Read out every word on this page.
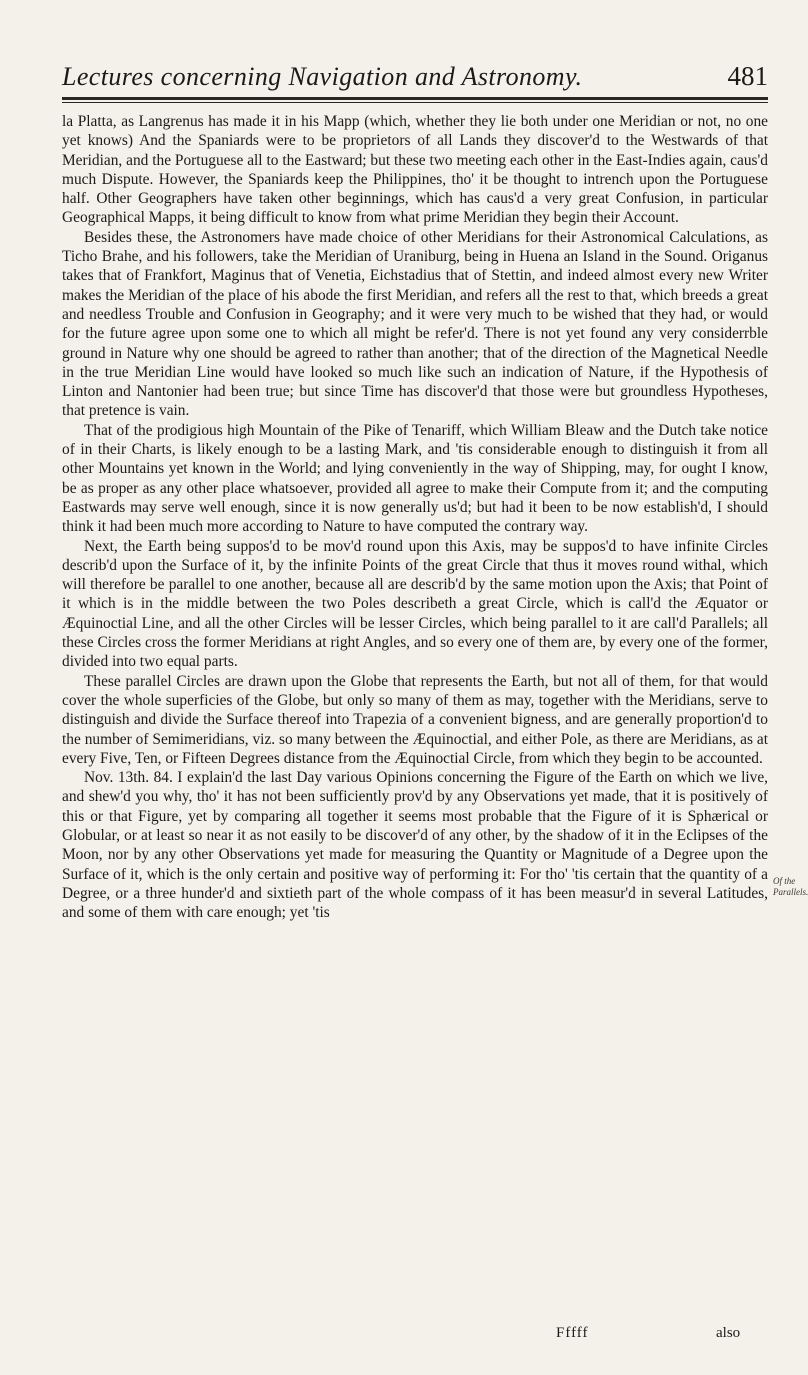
Lectures concerning Navigation and Astronomy.	481

la Platta, as Langrenus has made it in his Mapp (which, whether they lie both under one Meridian or not, no one yet knows) And the Spaniards were to be proprietors of all Lands they discover'd to the Westwards of that Meridian, and the Portuguese all to the Eastward; but these two meeting each other in the East-Indies again, caus'd much Dispute. However, the Spaniards keep the Philippines, tho' it be thought to intrench upon the Portuguese half. Other Geographers have taken other beginnings, which has caus'd a very great Confusion, in particular Geographical Mapps, it being difficult to know from what prime Meridian they begin their Account.

Besides these, the Astronomers have made choice of other Meridians for their Astronomical Calculations, as Ticho Brahe, and his followers, take the Meridian of Uraniburg, being in Huena an Island in the Sound. Origanus takes that of Frankfort, Maginus that of Venetia, Eichstadius that of Stettin, and indeed almost every new Writer makes the Meridian of the place of his abode the first Meridian, and refers all the rest to that, which breeds a great and needless Trouble and Confusion in Geography; and it were very much to be wished that they had, or would for the future agree upon some one to which all might be refer'd. There is not yet found any very considerrble ground in Nature why one should be agreed to rather than another; that of the direction of the Magnetical Needle in the true Meridian Line would have looked so much like such an indication of Nature, if the Hypothesis of Linton and Nantonier had been true; but since Time has discover'd that those were but groundless Hypotheses, that pretence is vain.

That of the prodigious high Mountain of the Pike of Tenariff, which William Bleaw and the Dutch take notice of in their Charts, is likely enough to be a lasting Mark, and 'tis considerable enough to distinguish it from all other Mountains yet known in the World; and lying conveniently in the way of Shipping, may, for ought I know, be as proper as any other place whatsoever, provided all agree to make their Compute from it; and the computing Eastwards may serve well enough, since it is now generally us'd; but had it been to be now establish'd, I should think it had been much more according to Nature to have computed the contrary way.

Next, the Earth being suppos'd to be mov'd round upon this Axis, may be suppos'd to have infinite Circles describ'd upon the Surface of it, by the infinite Points of the great Circle that thus it moves round withal, which will therefore be parallel to one another, because all are describ'd by the same motion upon the Axis; that Point of it which is in the middle between the two Poles describeth a great Circle, which is call'd the Æquator or Æquinoctial Line, and all the other Circles will be lesser Circles, which being parallel to it are call'd Parallels; all these Circles cross the former Meridians at right Angles, and so every one of them are, by every one of the former, divided into two equal parts.

These parallel Circles are drawn upon the Globe that represents the Earth, but not all of them, for that would cover the whole superficies of the Globe, but only so many of them as may, together with the Meridians, serve to distinguish and divide the Surface thereof into Trapezia of a convenient bigness, and are generally proportion'd to the number of Semimeridians, viz. so many between the Æquinoctial, and either Pole, as there are Meridians, as at every Five, Ten, or Fifteen Degrees distance from the Æquinoctial Circle, from which they begin to be accounted.

Nov. 13th. 84. I explain'd the last Day various Opinions concerning the Figure of the Earth on which we live, and shew'd you why, tho' it has not been sufficiently prov'd by any Observations yet made, that it is positively of this or that Figure, yet by comparing all together it seems most probable that the Figure of it is Sphærical or Globular, or at least so near it as not easily to be discover'd of any other, by the shadow of it in the Eclipses of the Moon, nor by any other Observations yet made for measuring the Quantity or Magnitude of a Degree upon the Surface of it, which is the only certain and positive way of performing it: For tho' 'tis certain that the quantity of a Degree, or a three hunder'd and sixtieth part of the whole compass of it has been measur'd in several Latitudes, and some of them with care enough; yet 'tis

Of the Parallels.
Fffff	also
